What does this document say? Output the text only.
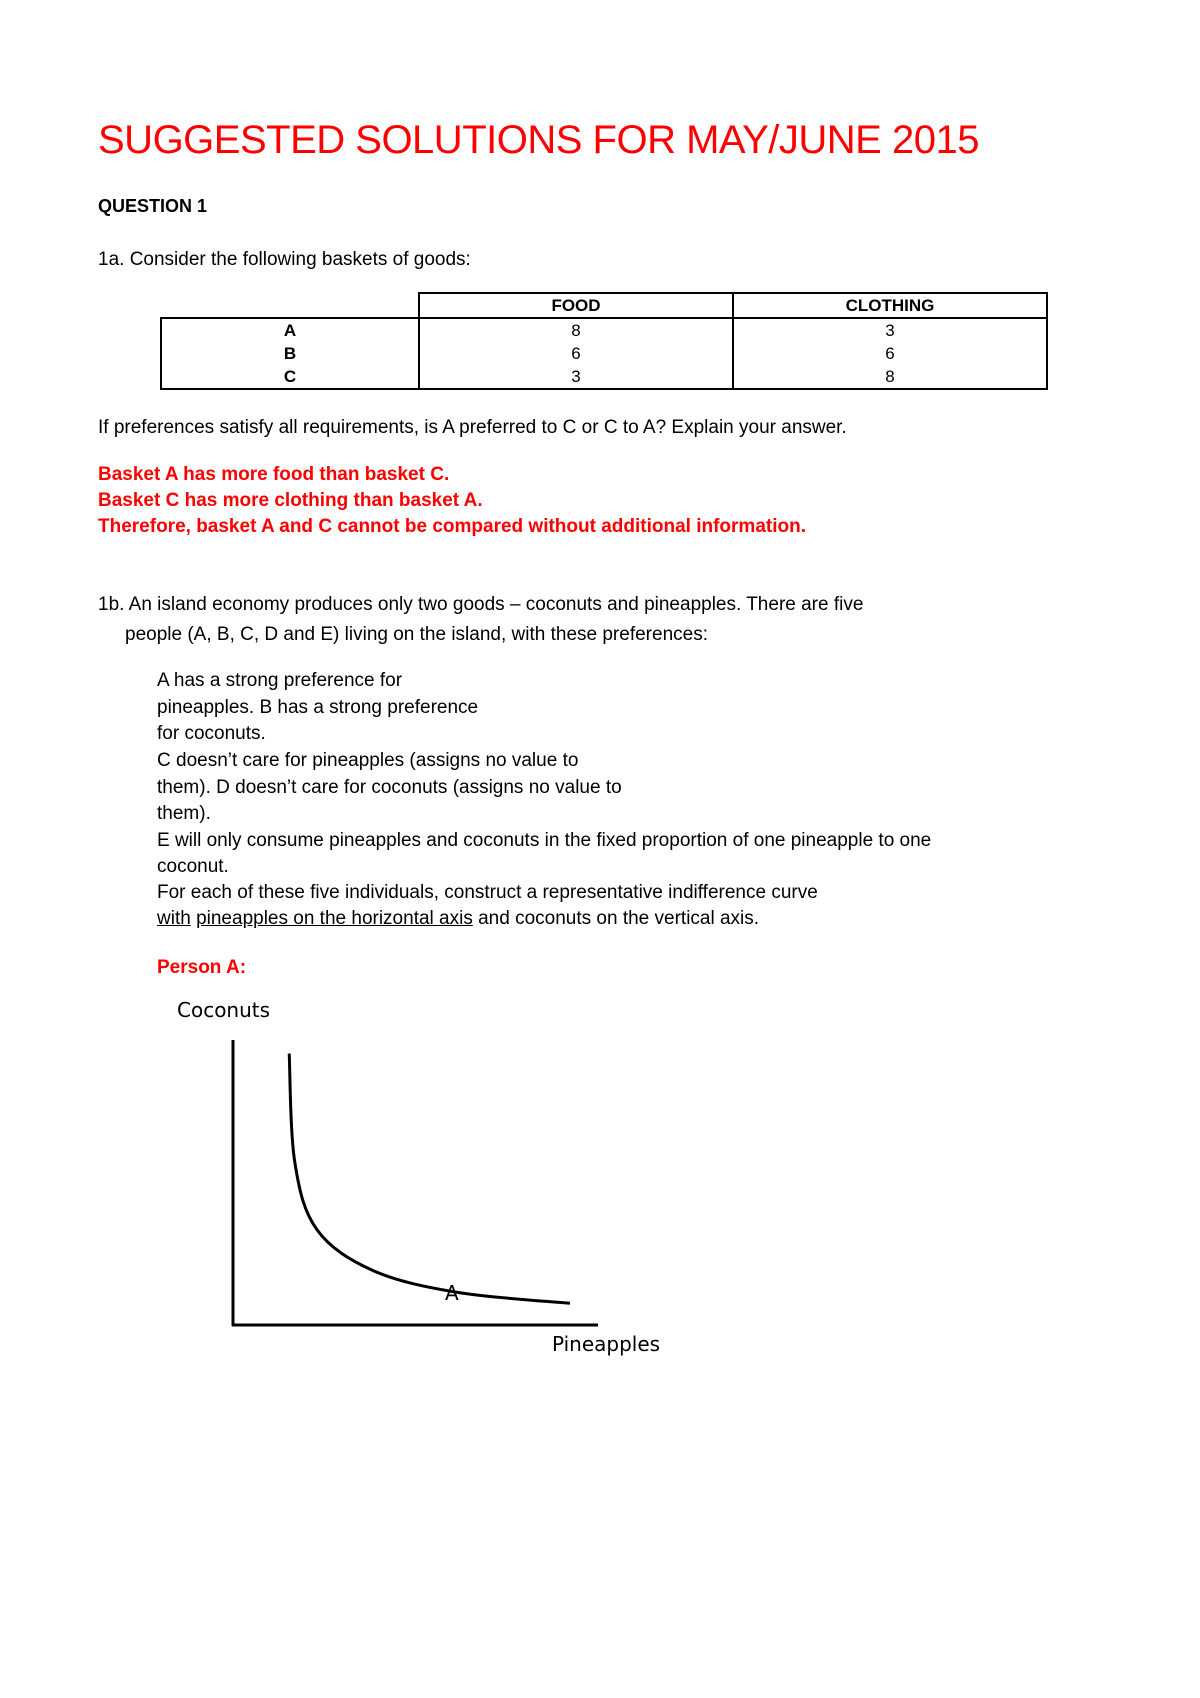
SUGGESTED SOLUTIONS FOR MAY/JUNE 2015
QUESTION 1
1a. Consider the following baskets of goods:
	FOOD	CLOTHING
A	8	3
B	6	6
C	3	8
If preferences satisfy all requirements, is A preferred to C or C to A? Explain your answer.
Basket A has more food than basket C.
Basket C has more clothing than basket A.
Therefore, basket A and C cannot be compared without additional information.
1b. An island economy produces only two goods – coconuts and pineapples. There are five
people (A, B, C, D and E) living on the island, with these preferences:
A has a strong preference for
pineapples. B has a strong preference
for coconuts.
C doesn’t care for pineapples (assigns no value to
them). D doesn’t care for coconuts (assigns no value to
them).
E will only consume pineapples and coconuts in the fixed proportion of one pineapple to one
coconut.
For each of these five individuals, construct a representative indifference curve
with pineapples on the horizontal axis and coconuts on the vertical axis.
Person A:
Coconuts
A
Pineapples
